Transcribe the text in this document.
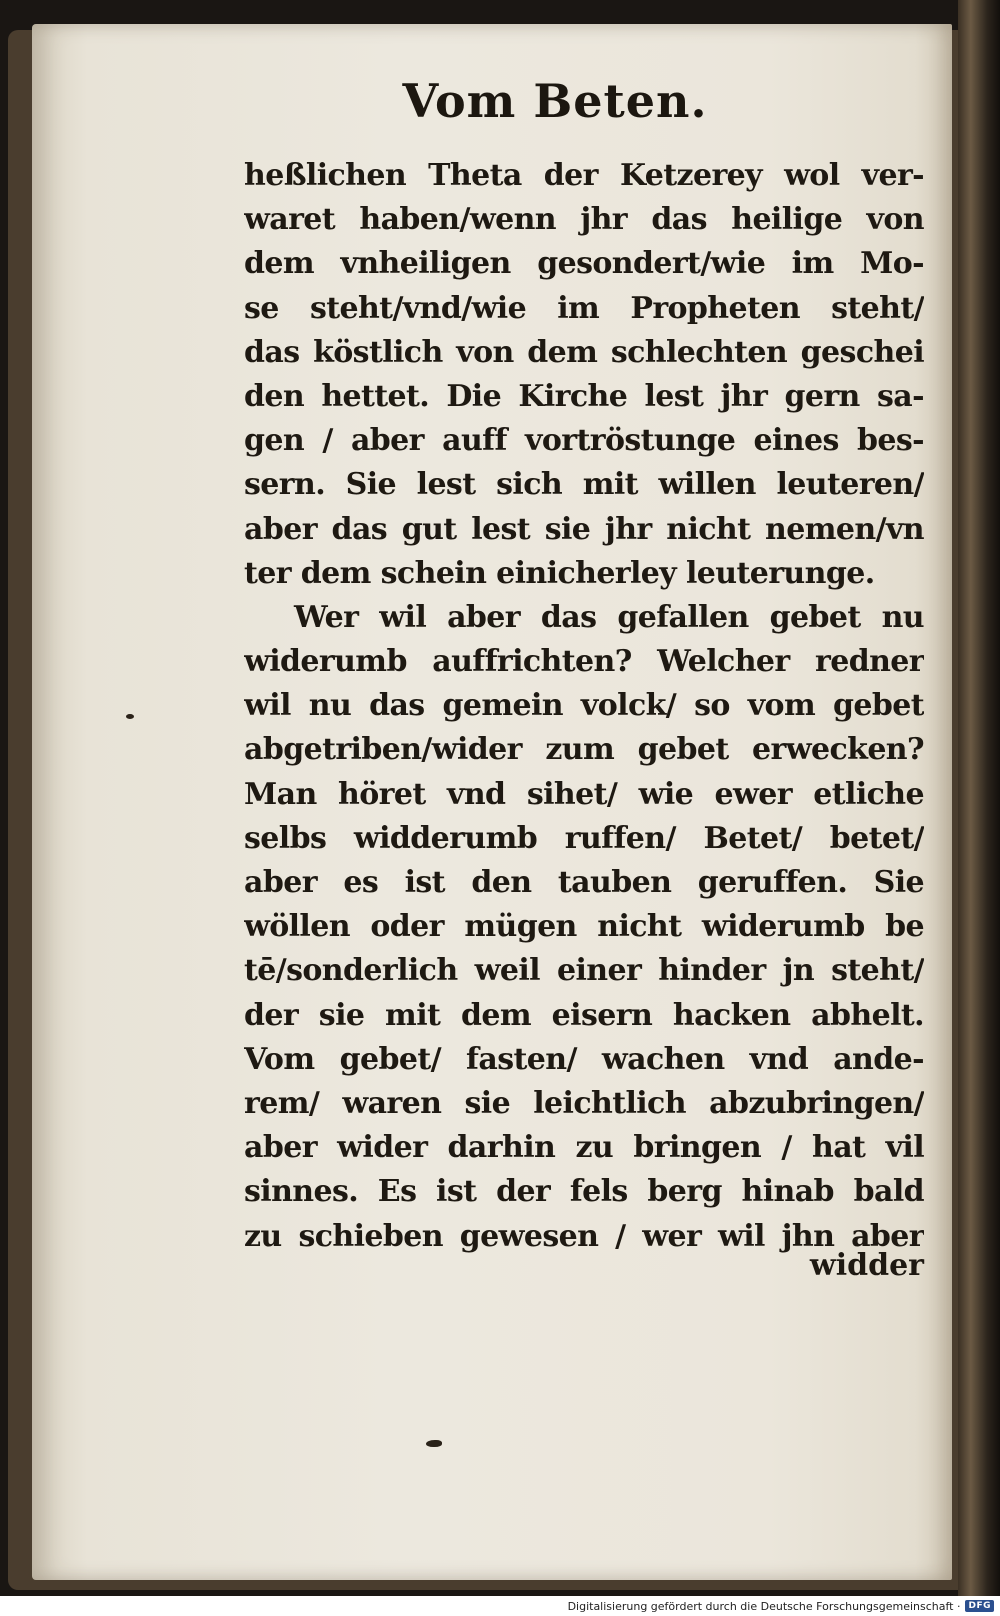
Vom Beten.
heßlichen Theta der Ketzerey wol ver-
waret haben/wenn jhr das heilige von
dem vnheiligen gesondert/wie im Mo-
se steht/vnd/wie im Propheten steht/
das köstlich von dem schlechten geschei
den hettet. Die Kirche lest jhr gern sa-
gen / aber auff vortröstunge eines bes-
sern. Sie lest sich mit willen leuteren/
aber das gut lest sie jhr nicht nemen/vn
ter dem schein einicherley leuterunge.
Wer wil aber das gefallen gebet nu
widerumb auffrichten? Welcher redner
wil nu das gemein volck/ so vom gebet
abgetriben/wider zum gebet erwecken?
Man höret vnd sihet/ wie ewer etliche
selbs widderumb ruffen/ Betet/ betet/
aber es ist den tauben geruffen. Sie
wöllen oder mügen nicht widerumb be
tē/sonderlich weil einer hinder jn steht/
der sie mit dem eisern hacken abhelt.
Vom gebet/ fasten/ wachen vnd ande-
rem/ waren sie leichtlich abzubringen/
aber wider darhin zu bringen / hat vil
sinnes. Es ist der fels berg hinab bald
zu schieben gewesen / wer wil jhn aber
widder
Digitalisierung gefördert durch die Deutsche Forschungsgemeinschaft · DFG
